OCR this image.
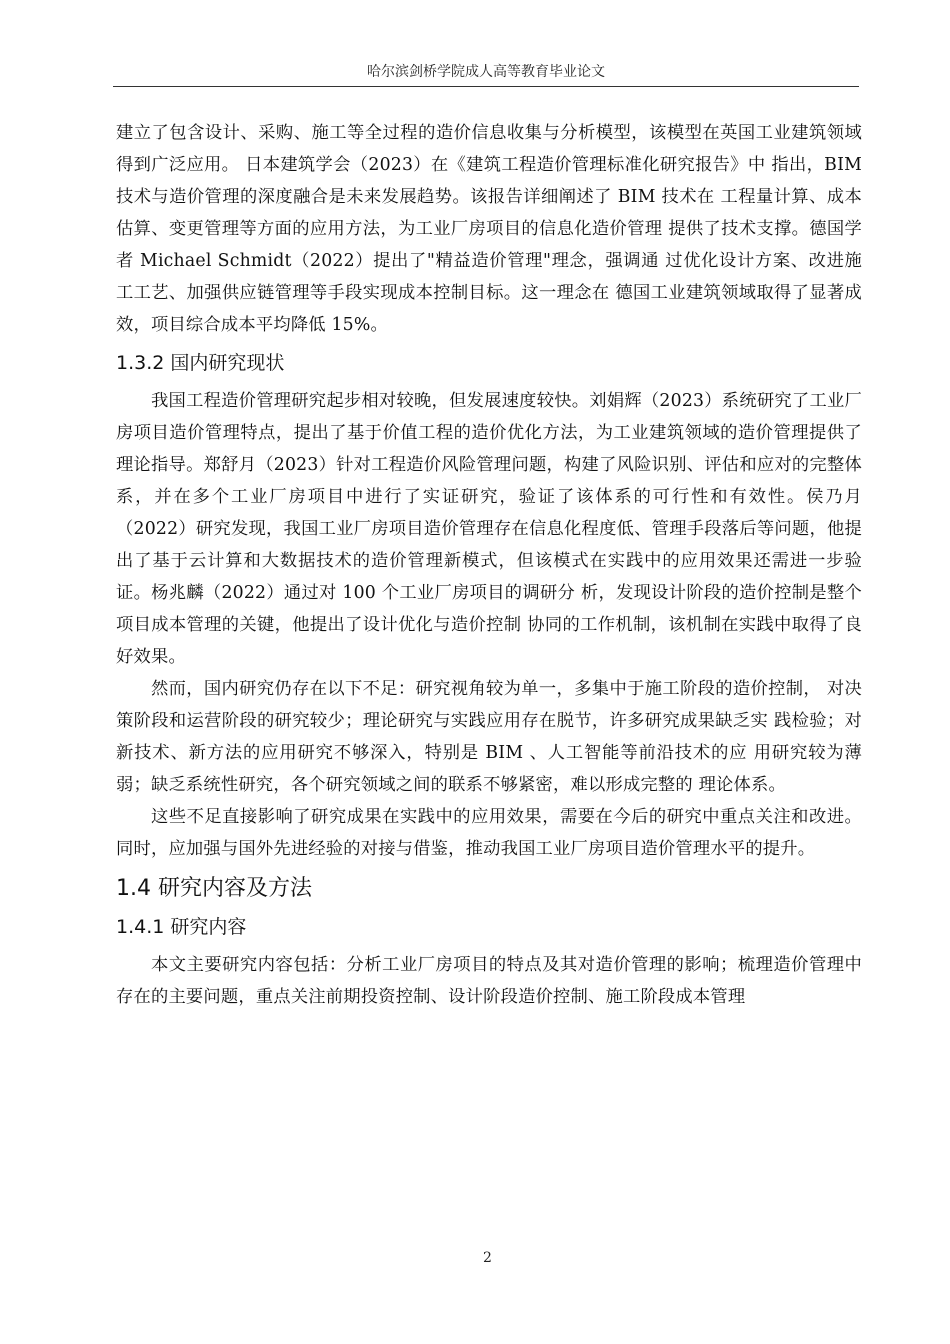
哈尔滨剑桥学院成人高等教育毕业论文

建立了包含设计、采购、施工等全过程的造价信息收集与分析模型，该模型在英国工业建筑领域得到广泛应用。 日本建筑学会（2023）在《建筑工程造价管理标准化研究报告》中 指出，BIM 技术与造价管理的深度融合是未来发展趋势。该报告详细阐述了 BIM 技术在 工程量计算、成本估算、变更管理等方面的应用方法，为工业厂房项目的信息化造价管理 提供了技术支撑。德国学者 Michael Schmidt（2022）提出了"精益造价管理"理念，强调通 过优化设计方案、改进施工工艺、加强供应链管理等手段实现成本控制目标。这一理念在 德国工业建筑领域取得了显著成效，项目综合成本平均降低 15%。

1.3.2 国内研究现状

我国工程造价管理研究起步相对较晚，但发展速度较快。刘娟辉（2023）系统研究了工业厂房项目造价管理特点，提出了基于价值工程的造价优化方法，为工业建筑领域的造价管理提供了理论指导。郑舒月（2023）针对工程造价风险管理问题，构建了风险识别、评估和应对的完整体系，并在多个工业厂房项目中进行了实证研究，验证了该体系的可行性和有效性。侯乃月（2022）研究发现，我国工业厂房项目造价管理存在信息化程度低、管理手段落后等问题，他提出了基于云计算和大数据技术的造价管理新模式，但该模式在实践中的应用效果还需进一步验证。杨兆麟（2022）通过对 100 个工业厂房项目的调研分 析，发现设计阶段的造价控制是整个项目成本管理的关键，他提出了设计优化与造价控制 协同的工作机制，该机制在实践中取得了良好效果。

然而，国内研究仍存在以下不足：研究视角较为单一，多集中于施工阶段的造价控制， 对决策阶段和运营阶段的研究较少；理论研究与实践应用存在脱节，许多研究成果缺乏实 践检验；对新技术、新方法的应用研究不够深入，特别是 BIM 、人工智能等前沿技术的应 用研究较为薄弱；缺乏系统性研究，各个研究领域之间的联系不够紧密，难以形成完整的 理论体系。

这些不足直接影响了研究成果在实践中的应用效果，需要在今后的研究中重点关注和改进。同时，应加强与国外先进经验的对接与借鉴，推动我国工业厂房项目造价管理水平的提升。

1.4 研究内容及方法
1.4.1 研究内容

本文主要研究内容包括：分析工业厂房项目的特点及其对造价管理的影响；梳理造价管理中存在的主要问题，重点关注前期投资控制、设计阶段造价控制、施工阶段成本管理

2
